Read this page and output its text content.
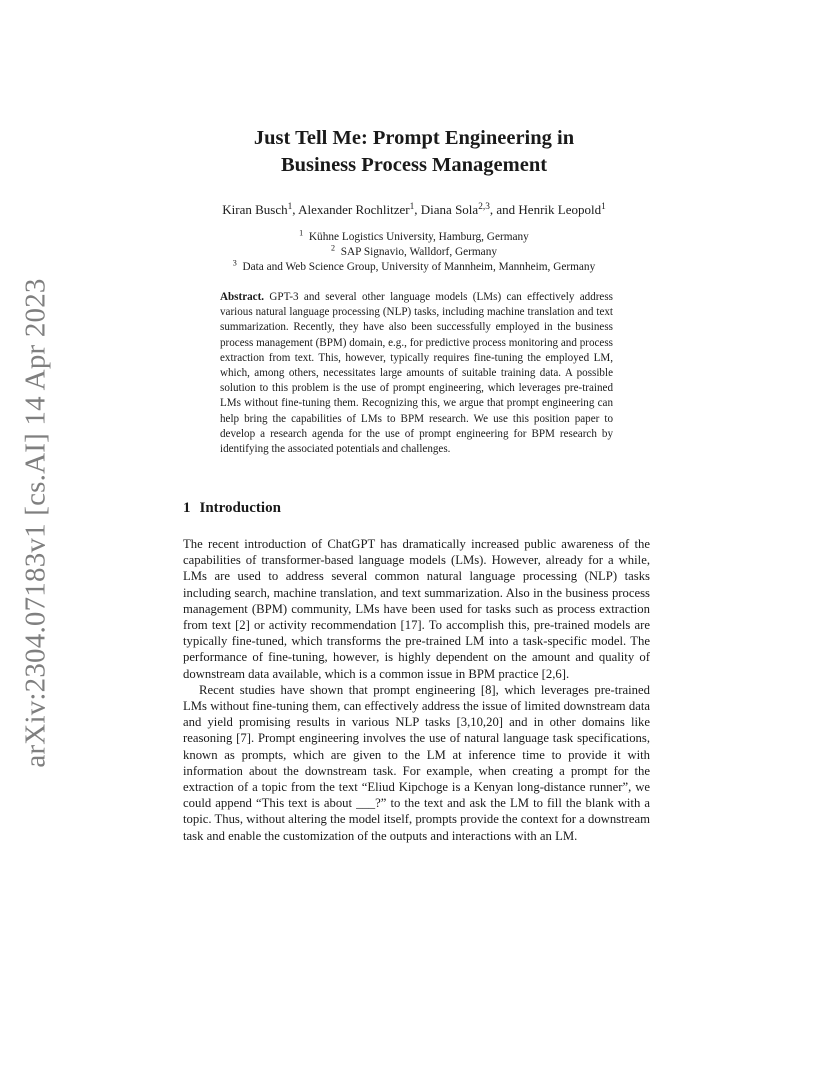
arXiv:2304.07183v1 [cs.AI] 14 Apr 2023
Just Tell Me: Prompt Engineering in
Business Process Management
Kiran Busch$^1$, Alexander Rochlitzer$^1$, Diana Sola$^{2,3}$, and Henrik Leopold$^1$
$^1$ Kühne Logistics University, Hamburg, Germany
$^2$ SAP Signavio, Walldorf, Germany
$^3$ Data and Web Science Group, University of Mannheim, Mannheim, Germany
Abstract. GPT-3 and several other language models (LMs) can effectively address various natural language processing (NLP) tasks, including machine translation and text summarization. Recently, they have also been successfully employed in the business process management (BPM) domain, e.g., for predictive process monitoring and process extraction from text. This, however, typically requires fine-tuning the employed LM, which, among others, necessitates large amounts of suitable training data. A possible solution to this problem is the use of prompt engineering, which leverages pre-trained LMs without fine-tuning them. Recognizing this, we argue that prompt engineering can help bring the capabilities of LMs to BPM research. We use this position paper to develop a research agenda for the use of prompt engineering for BPM research by identifying the associated potentials and challenges.
1 Introduction

The recent introduction of ChatGPT has dramatically increased public awareness of the capabilities of transformer-based language models (LMs). However, already for a while, LMs are used to address several common natural language processing (NLP) tasks including search, machine translation, and text summarization. Also in the business process management (BPM) community, LMs have been used for tasks such as process extraction from text [2] or activity recommendation [17]. To accomplish this, pre-trained models are typically fine-tuned, which transforms the pre-trained LM into a task-specific model. The performance of fine-tuning, however, is highly dependent on the amount and quality of downstream data available, which is a common issue in BPM practice [2,6].

Recent studies have shown that prompt engineering [8], which leverages pre-trained LMs without fine-tuning them, can effectively address the issue of limited downstream data and yield promising results in various NLP tasks [3,10,20] and in other domains like reasoning [7]. Prompt engineering involves the use of natural language task specifications, known as prompts, which are given to the LM at inference time to provide it with information about the downstream task. For example, when creating a prompt for the extraction of a topic from the text “Eliud Kipchoge is a Kenyan long-distance runner”, we could append “This text is about ___?” to the text and ask the LM to fill the blank with a topic. Thus, without altering the model itself, prompts provide the context for a downstream task and enable the customization of the outputs and interactions with an LM.
